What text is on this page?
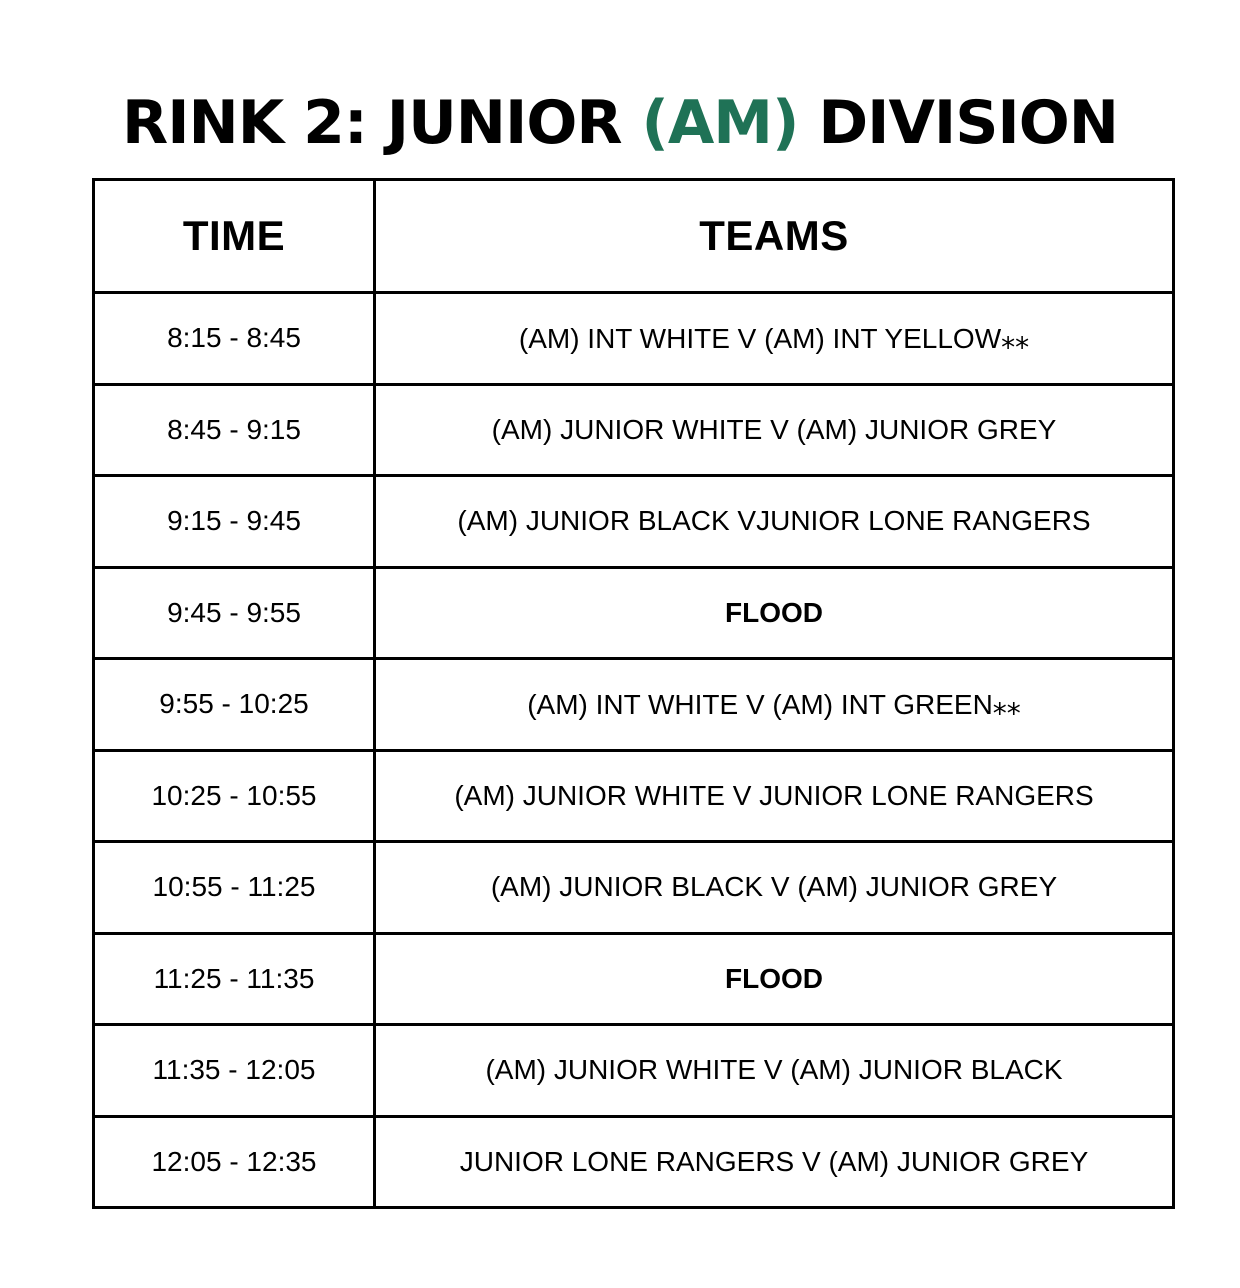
RINK 2: JUNIOR (AM) DIVISION
TIME	TEAMS
8:15 - 8:45	(AM) INT WHITE V (AM) INT YELLOW⁎⁎
8:45 - 9:15	(AM) JUNIOR WHITE V (AM) JUNIOR GREY
9:15 - 9:45	(AM) JUNIOR BLACK VJUNIOR LONE RANGERS
9:45 - 9:55	FLOOD
9:55 - 10:25	(AM) INT WHITE V (AM) INT GREEN⁎⁎
10:25 - 10:55	(AM) JUNIOR WHITE V JUNIOR LONE RANGERS
10:55 - 11:25	(AM) JUNIOR BLACK V (AM) JUNIOR GREY
11:25 - 11:35	FLOOD
11:35 - 12:05	(AM) JUNIOR WHITE V (AM) JUNIOR BLACK
12:05 - 12:35	JUNIOR LONE RANGERS V (AM) JUNIOR GREY
